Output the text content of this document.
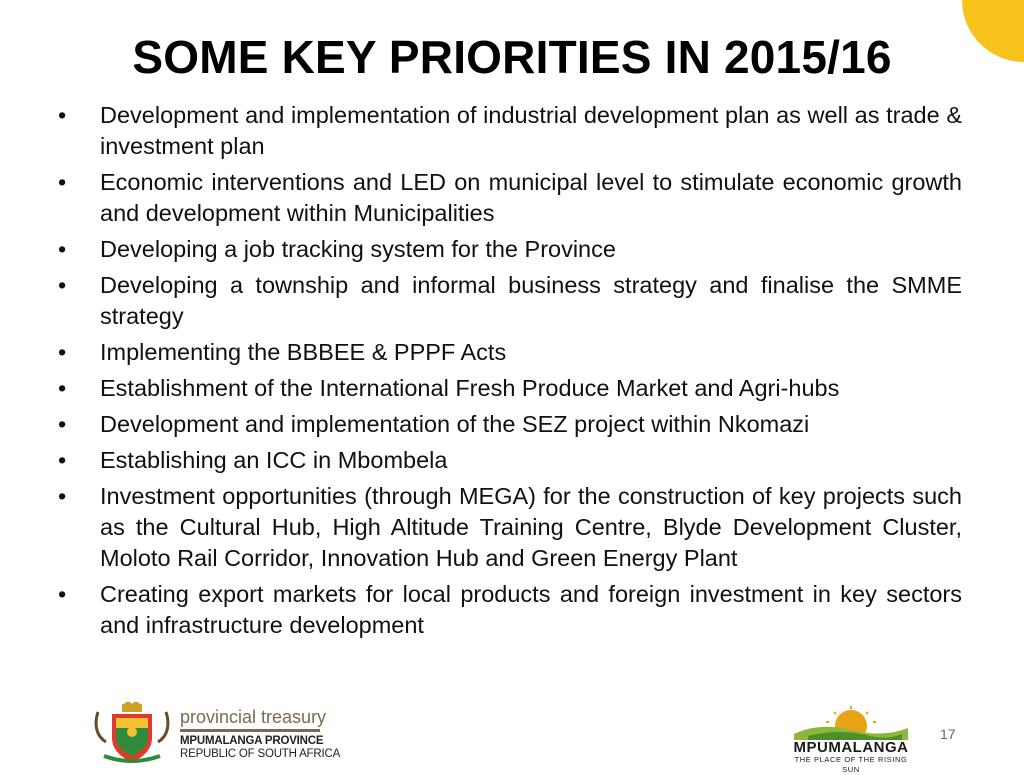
SOME KEY PRIORITIES IN 2015/16
• Development and implementation of industrial development plan as well as trade & investment plan
• Economic interventions and LED on municipal level to stimulate economic growth and development within Municipalities
• Developing a job tracking system for the Province
• Developing a township and informal business strategy and finalise the SMME strategy
• Implementing the BBBEE & PPPF Acts
• Establishment of the International Fresh Produce Market and Agri-hubs
• Development and implementation of the SEZ project within Nkomazi
• Establishing an ICC in Mbombela
• Investment opportunities (through MEGA) for the construction of key projects such as the Cultural Hub, High Altitude Training Centre, Blyde Development Cluster, Moloto Rail Corridor, Innovation Hub and Green Energy Plant
• Creating export markets for local products and foreign investment in key sectors and infrastructure development
provincial treasury
MPUMALANGA PROVINCE
REPUBLIC OF SOUTH AFRICA	MPUMALANGA
THE PLACE OF THE RISING SUN
17
